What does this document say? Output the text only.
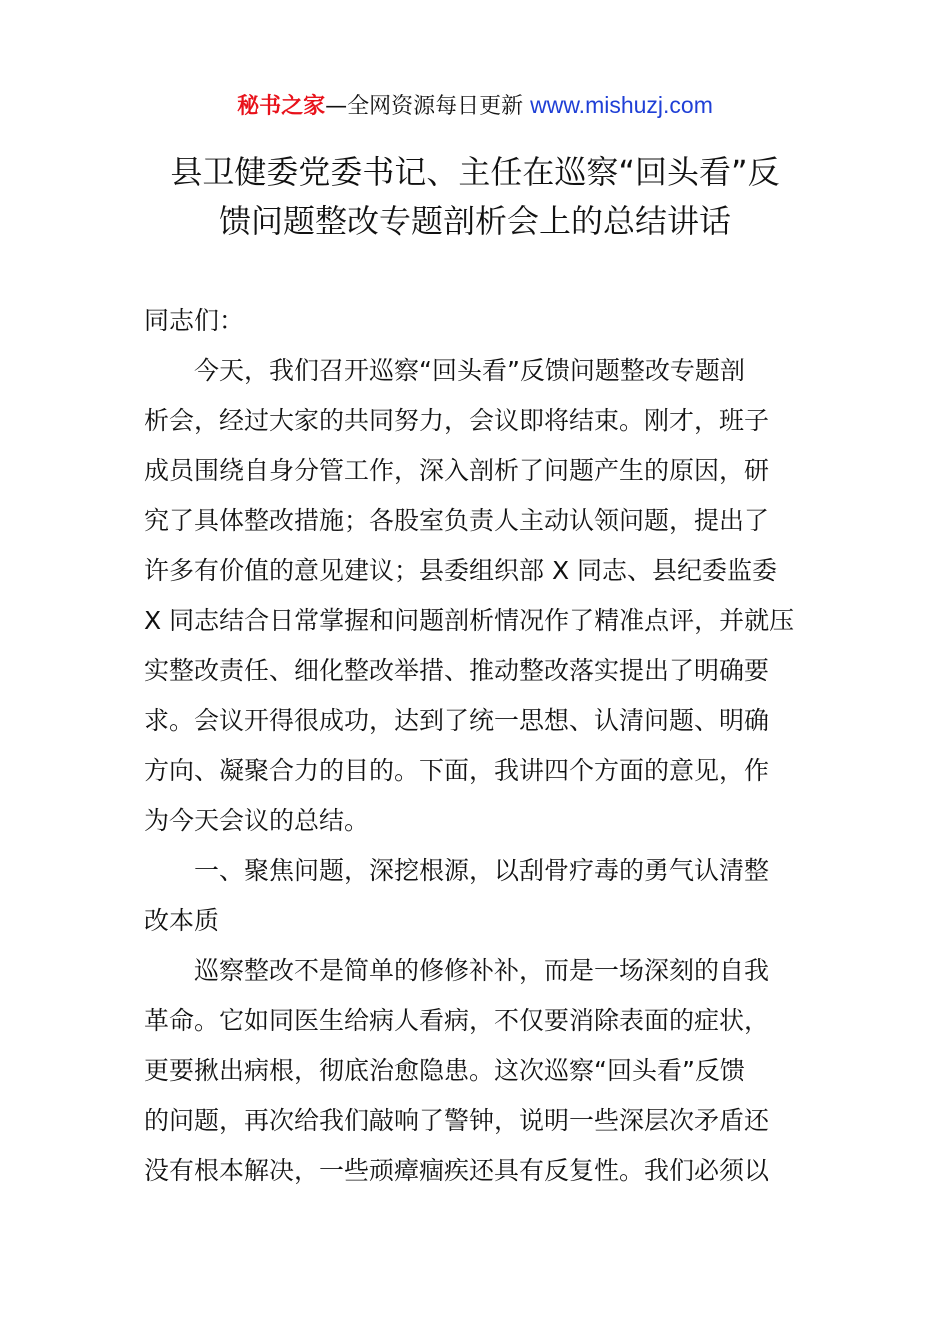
秘书之家—全网资源每日更新 www.mishuzj.com
县卫健委党委书记、主任在巡察“回头看”反
馈问题整改专题剖析会上的总结讲话
同志们：
今天，我们召开巡察“回头看”反馈问题整改专题剖
析会，经过大家的共同努力，会议即将结束。刚才，班子
成员围绕自身分管工作，深入剖析了问题产生的原因，研
究了具体整改措施；各股室负责人主动认领问题，提出了
许多有价值的意见建议；县委组织部 X 同志、县纪委监委
X 同志结合日常掌握和问题剖析情况作了精准点评，并就压
实整改责任、细化整改举措、推动整改落实提出了明确要
求。会议开得很成功，达到了统一思想、认清问题、明确
方向、凝聚合力的目的。下面，我讲四个方面的意见，作
为今天会议的总结。
一、聚焦问题，深挖根源，以刮骨疗毒的勇气认清整
改本质
巡察整改不是简单的修修补补，而是一场深刻的自我
革命。它如同医生给病人看病，不仅要消除表面的症状，
更要揪出病根，彻底治愈隐患。这次巡察“回头看”反馈
的问题，再次给我们敲响了警钟，说明一些深层次矛盾还
没有根本解决，一些顽瘴痼疾还具有反复性。我们必须以
